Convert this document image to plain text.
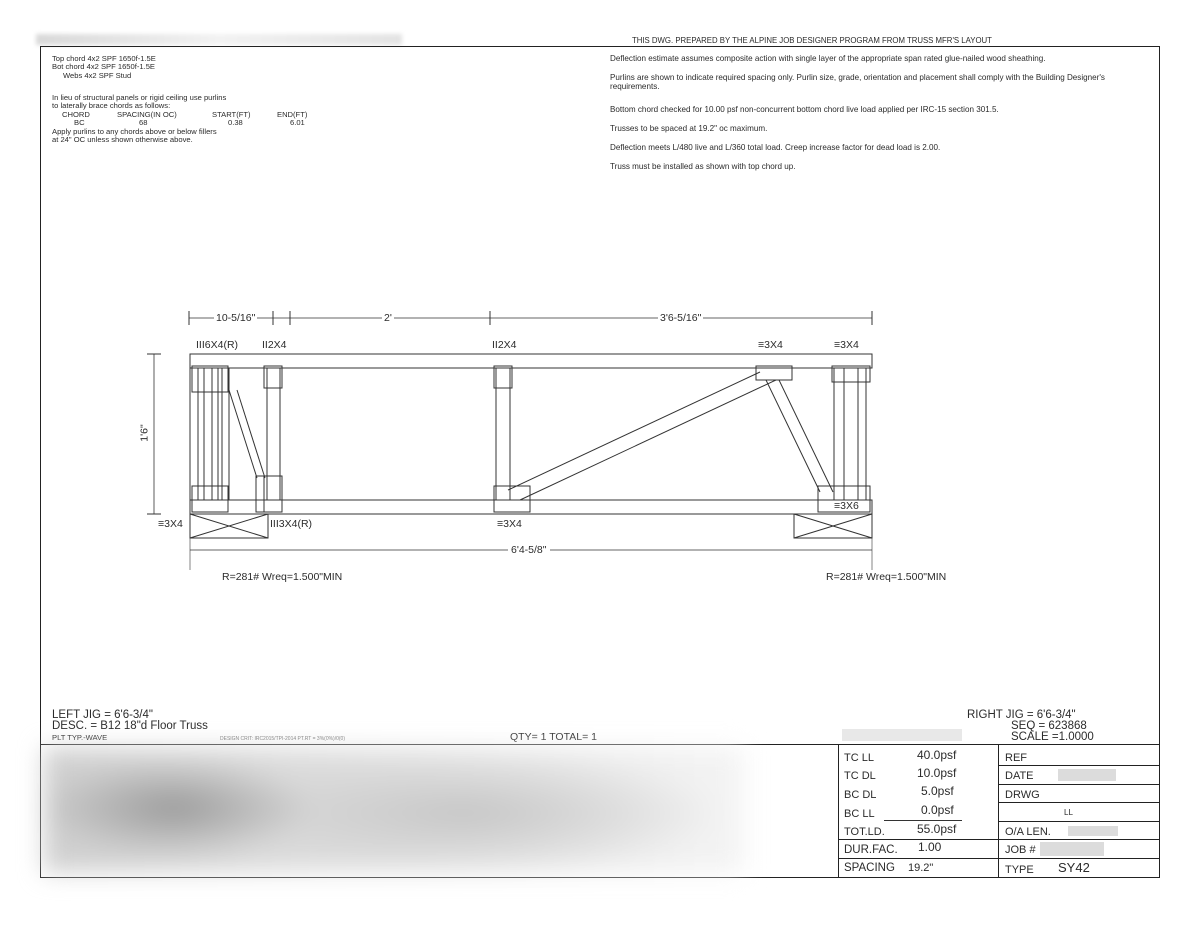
THIS DWG. PREPARED BY THE ALPINE JOB DESIGNER PROGRAM FROM TRUSS MFR'S LAYOUT
Top chord 4x2 SPF 1650f-1.5E
Bot chord 4x2 SPF 1650f-1.5E
Webs 4x2 SPF Stud
In lieu of structural panels or rigid ceiling use purlins
to laterally brace chords as follows:
CHORD	SPACING(IN OC)	START(FT)	END(FT)
BC	68	0.38	6.01
Apply purlins to any chords above or below fillers
at 24" OC unless shown otherwise above.
Deflection estimate assumes composite action with single layer of the appropriate span rated glue-nailed wood sheathing.
Purlins are shown to indicate required spacing only. Purlin size, grade, orientation and placement shall comply with the Building Designer's requirements.
Bottom chord checked for 10.00 psf non-concurrent bottom chord live load applied per IRC-15 section 301.5.
Trusses to be spaced at 19.2" oc maximum.
Deflection meets L/480 live and L/360 total load. Creep increase factor for dead load is 2.00.
Truss must be installed as shown with top chord up.
10-5/16"	2'	3'6-5/16"
1'6"
6'4-5/8"
III6X4(R) II2X4	II2X4	≡3X4	≡3X4
≡3X4	III3X4(R)	≡3X4
≡3X6
R=281# Wreq=1.500"MIN	R=281# Wreq=1.500"MIN
LEFT JIG = 6'6-3/4"
DESC. = B12 18"d Floor Truss
PLT TYP.-WAVE	DESIGN CRIT: IRC2015/TPI-2014 PT.RT = 3%(0%)/0(0)	QTY= 1 TOTAL= 1
RIGHT JIG = 6'6-3/4"
SEQ = 623868
SCALE =1.0000
TC LL	40.0psf
TC DL	10.0psf
BC DL	5.0psf
BC LL	0.0psf
TOT.LD.	55.0psf
DUR.FAC. 1.00
SPACING 19.2"
REF
DATE
DRWG
LL
O/A LEN.
JOB #
TYPE SY42
